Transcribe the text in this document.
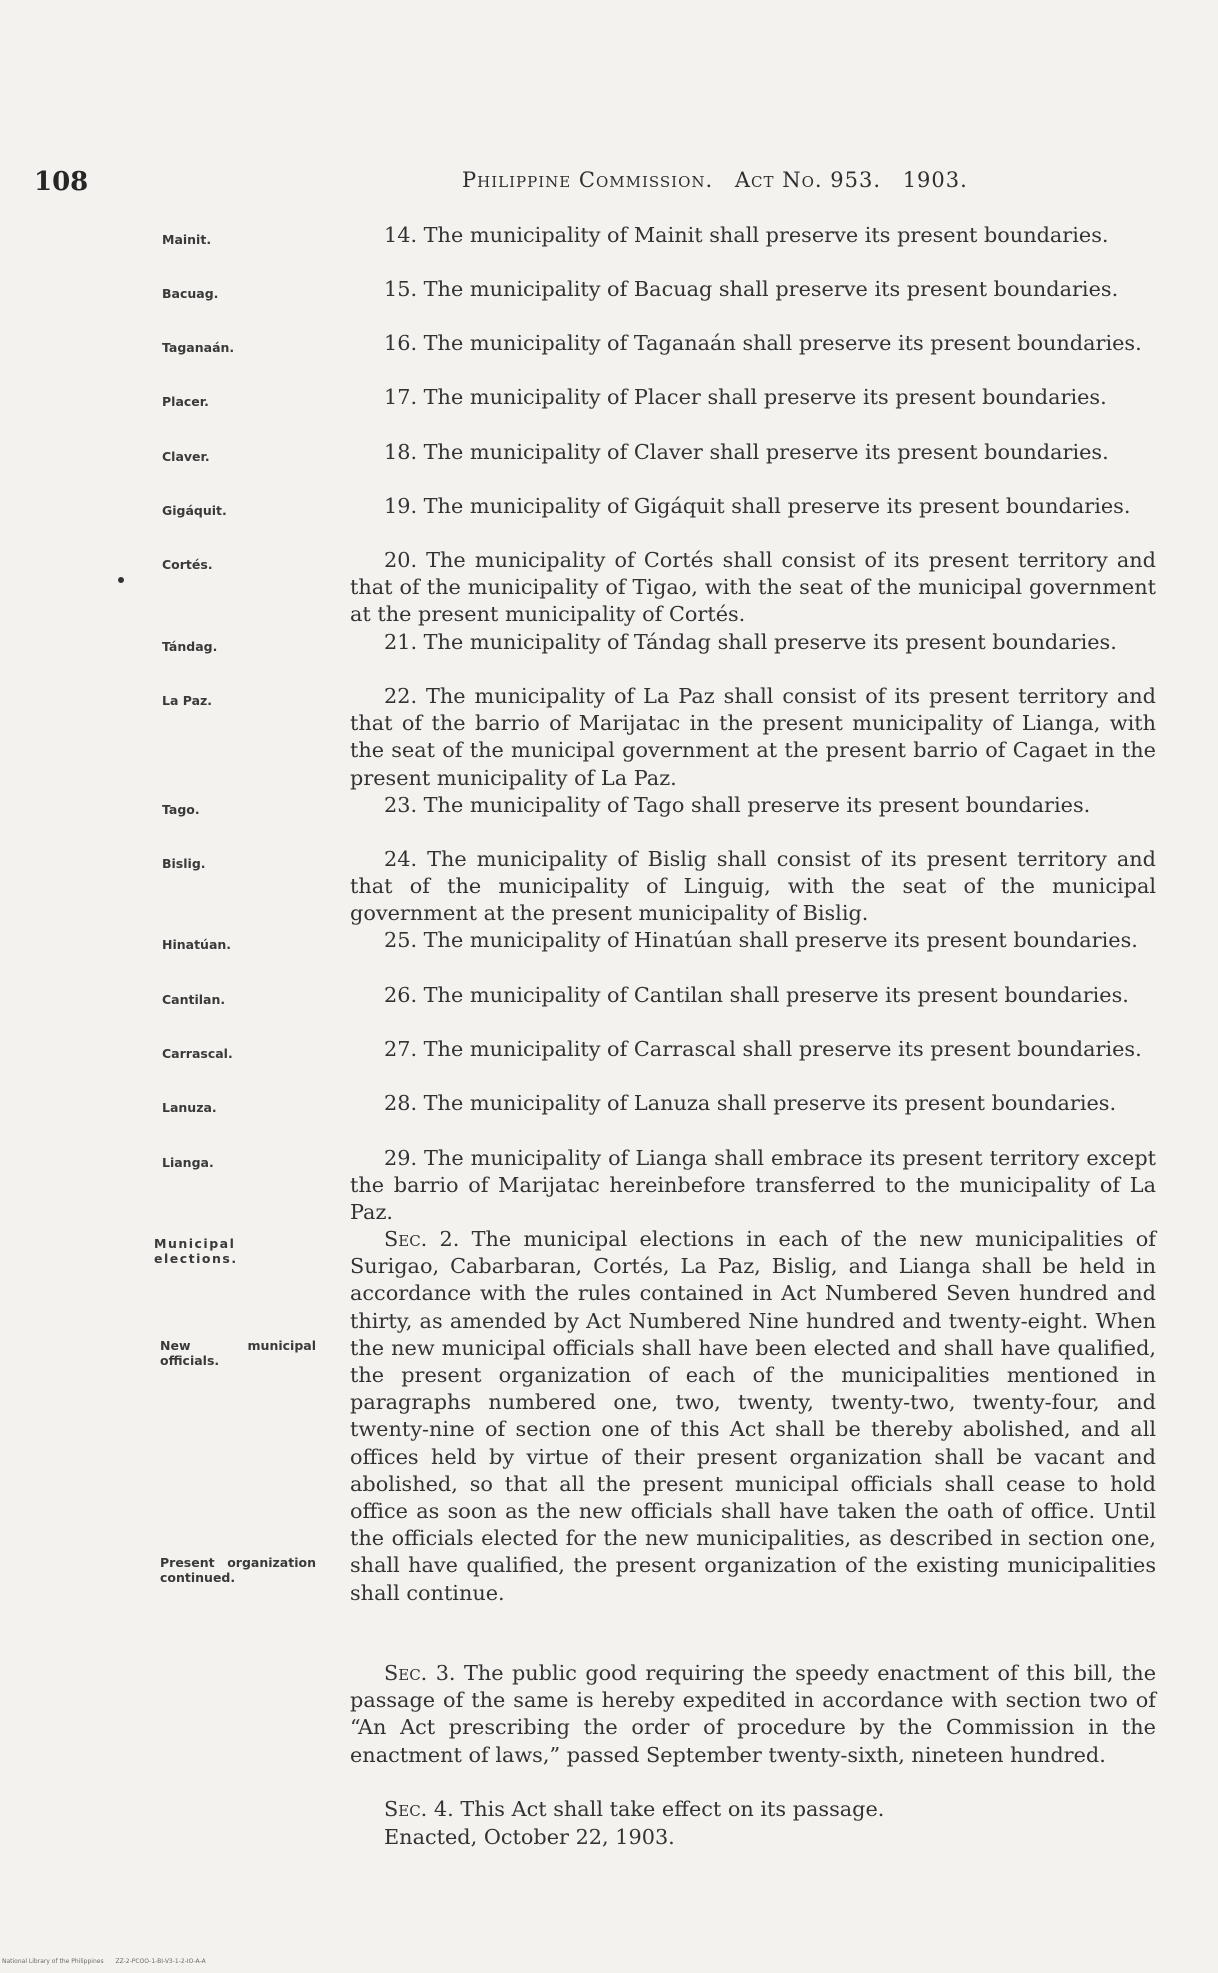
108	Philippine Commission. Act No. 953. 1903.
Mainit.
Bacuag.
Taganaán.
Placer.
Claver.
Gigáquit.
Cortés.
Tándag.
La Paz.
Tago.
Bislig.
Hinatúan.
Cantilan.
Carrascal.
Lanuza.
Lianga.
Municipal elections.
New municipal officials.
Present organization continued.
14. The municipality of Mainit shall preserve its present boundaries.
15. The municipality of Bacuag shall preserve its present boundaries.
16. The municipality of Taganaán shall preserve its present boundaries.
17. The municipality of Placer shall preserve its present boundaries.
18. The municipality of Claver shall preserve its present boundaries.
19. The municipality of Gigáquit shall preserve its present boundaries.
20. The municipality of Cortés shall consist of its present territory and that of the municipality of Tigao, with the seat of the municipal government at the present municipality of Cortés.
21. The municipality of Tándag shall preserve its present boundaries.
22. The municipality of La Paz shall consist of its present territory and that of the barrio of Marijatac in the present municipality of Lianga, with the seat of the municipal government at the present barrio of Cagaet in the present municipality of La Paz.
23. The municipality of Tago shall preserve its present boundaries.
24. The municipality of Bislig shall consist of its present territory and that of the municipality of Linguig, with the seat of the municipal government at the present municipality of Bislig.
25. The municipality of Hinatúan shall preserve its present boundaries.
26. The municipality of Cantilan shall preserve its present boundaries.
27. The municipality of Carrascal shall preserve its present boundaries.
28. The municipality of Lanuza shall preserve its present boundaries.
29. The municipality of Lianga shall embrace its present territory except the barrio of Marijatac hereinbefore transferred to the municipality of La Paz.
Sec. 2. The municipal elections in each of the new municipalities of Surigao, Cabarbaran, Cortés, La Paz, Bislig, and Lianga shall be held in accordance with the rules contained in Act Numbered Seven hundred and thirty, as amended by Act Numbered Nine hundred and twenty-eight. When the new municipal officials shall have been elected and shall have qualified, the present organization of each of the municipalities mentioned in paragraphs numbered one, two, twenty, twenty-two, twenty-four, and twenty-nine of section one of this Act shall be thereby abolished, and all offices held by virtue of their present organization shall be vacant and abolished, so that all the present municipal officials shall cease to hold office as soon as the new officials shall have taken the oath of office. Until the officials elected for the new municipalities, as described in section one, shall have qualified, the present organization of the existing municipalities shall continue.
Sec. 3. The public good requiring the speedy enactment of this bill, the passage of the same is hereby expedited in accordance with section two of “An Act prescribing the order of procedure by the Commission in the enactment of laws,” passed September twenty-sixth, nineteen hundred.
Sec. 4. This Act shall take effect on its passage.
Enacted, October 22, 1903.
National Library of the Philippines ZZ-2-PCOO-1-BI-V3-1-2-IO-A-A
